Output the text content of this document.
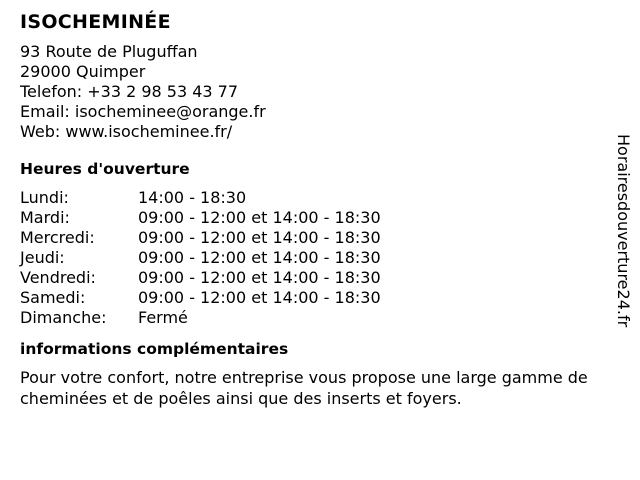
ISOCHEMINÉE
93 Route de Pluguffan
29000 Quimper
Telefon: +33 2 98 53 43 77
Email: isocheminee@orange.fr
Web: www.isocheminee.fr/
Heures d'ouverture
Lundi:	14:00 - 18:30
Mardi:	09:00 - 12:00 et 14:00 - 18:30
Mercredi:	09:00 - 12:00 et 14:00 - 18:30
Jeudi:	09:00 - 12:00 et 14:00 - 18:30
Vendredi:	09:00 - 12:00 et 14:00 - 18:30
Samedi:	09:00 - 12:00 et 14:00 - 18:30
Dimanche:	Fermé
informations complémentaires

Pour votre confort, notre entreprise vous propose une large gamme de cheminées et de poêles ainsi que des inserts et foyers.

Horairesdouverture24.fr
